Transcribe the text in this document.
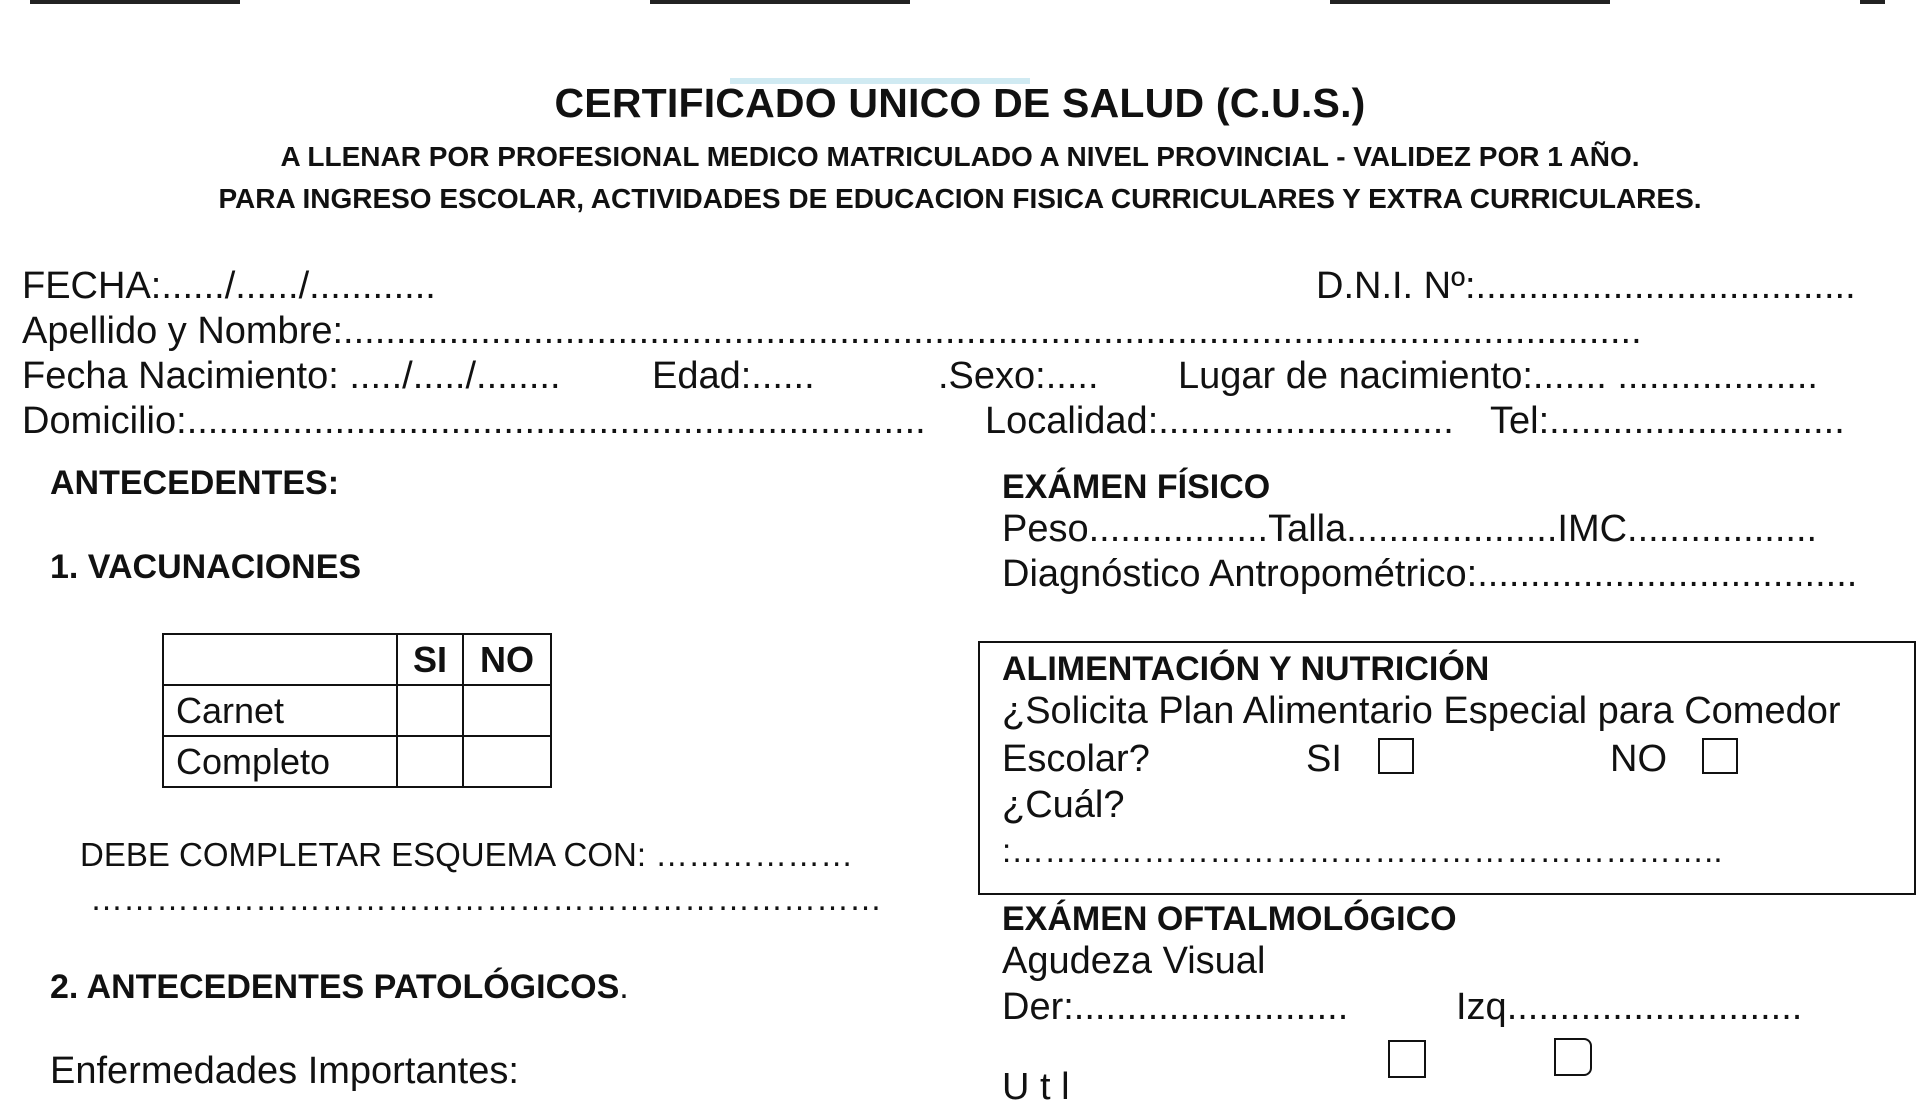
CERTIFICADO UNICO DE SALUD (C.U.S.)
A LLENAR POR PROFESIONAL MEDICO MATRICULADO A NIVEL PROVINCIAL - VALIDEZ POR 1 AÑO.
PARA INGRESO ESCOLAR, ACTIVIDADES DE EDUCACION FISICA CURRICULARES Y EXTRA CURRICULARES.
FECHA:....../....../............	D.N.I. Nº:....................................
Apellido y Nombre:...........................................................................................................................
Fecha Nacimiento: ...../...../........ Edad:......	.Sexo:..... Lugar de nacimiento:....... ...................
Domicilio:...................................................................... Localidad:............................ Tel:............................
ANTECEDENTES:
1. VACUNACIONES
	SI	NO
Carnet		
Completo		
DEBE COMPLETAR ESQUEMA CON: ………………
………………………………………………………………
2. ANTECEDENTES PATOLÓGICOS.
Enfermedades Importantes:
EXÁMEN FÍSICO
Peso.................Talla....................IMC..................
Diagnóstico Antropométrico:....................................
ALIMENTACIÓN Y NUTRICIÓN
¿Solicita Plan Alimentario Especial para Comedor
Escolar?	SI	NO
¿Cuál?
:………………………………………………………..
EXÁMEN OFTALMOLÓGICO
Agudeza Visual
Der:..........................	Izq............................
U t l
